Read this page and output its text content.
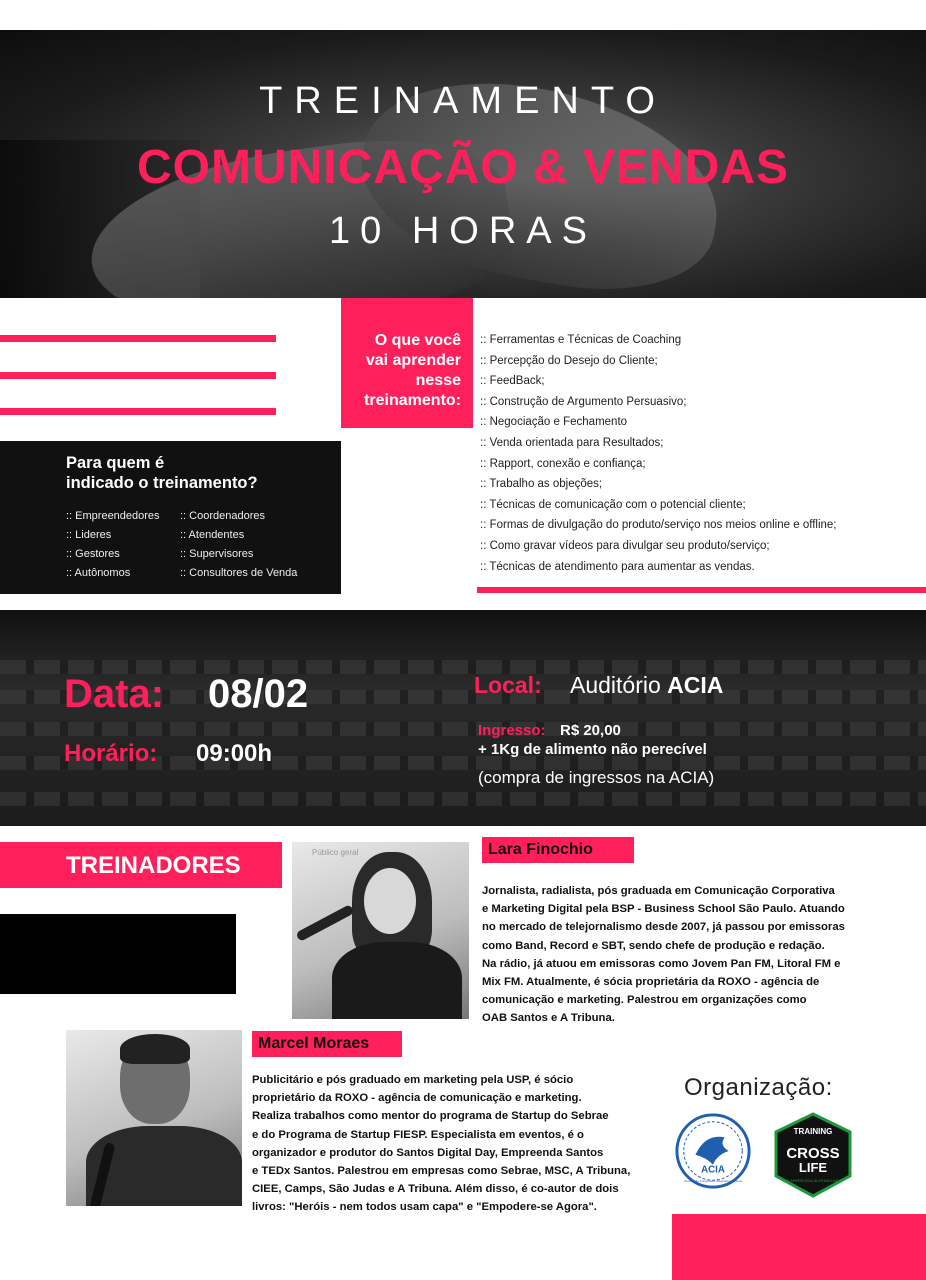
TREINAMENTO
COMUNICAÇÃO & VENDAS
10 HORAS
O que você
vai aprender
nesse
treinamento:
:: Ferramentas e Técnicas de Coaching
:: Percepção do Desejo do Cliente;
:: FeedBack;
:: Construção de Argumento Persuasivo;
:: Negociação e Fechamento
:: Venda orientada para Resultados;
:: Rapport, conexão e confiança;
:: Trabalho as objeções;
:: Técnicas de comunicação com o potencial cliente;
:: Formas de divulgação do produto/serviço nos meios online e offline;
:: Como gravar vídeos para divulgar seu produto/serviço;
:: Técnicas de atendimento para aumentar as vendas.
Para quem é
indicado o treinamento?
:: Empreendedores
:: Lideres
:: Gestores
:: Autônomos
:: Coordenadores
:: Atendentes
:: Supervisores
:: Consultores de Venda
Data: 08/02
Horário: 09:00h
Local: Auditório ACIA
Ingresso: R$ 20,00
+ 1Kg de alimento não perecível
(compra de ingressos na ACIA)
TREINADORES	Público geral	Lara Finochio
Jornalista, radialista, pós graduada em Comunicação Corporativa
e Marketing Digital pela BSP - Business School São Paulo. Atuando
no mercado de telejornalismo desde 2007, já passou por emissoras
como Band, Record e SBT, sendo chefe de produção e redação.
Na rádio, já atuou em emissoras como Jovem Pan FM, Litoral FM e
Mix FM. Atualmente, é sócia proprietária da ROXO - agência de
comunicação e marketing. Palestrou em organizações como
OAB Santos e A Tribuna.
Marcel Moraes
Publicitário e pós graduado em marketing pela USP, é sócio
proprietário da ROXO - agência de comunicação e marketing.
Realiza trabalhos como mentor do programa de Startup do Sebrae
e do Programa de Startup FIESP. Especialista em eventos, é o
organizador e produtor do Santos Digital Day, Empreenda Santos
e TEDx Santos. Palestrou em empresas como Sebrae, MSC, A Tribuna,
CIEE, Camps, São Judas e A Tribuna. Além disso, é co-autor de dois
livros: "Heróis - nem todos usam capa" e "Empodere-se Agora".
Organização:
ACIA
Associação Comercial e Industrial de Alfenas
TRAINING
CROSS
LIFE
S.APARECIDA ALFENAS-MG
